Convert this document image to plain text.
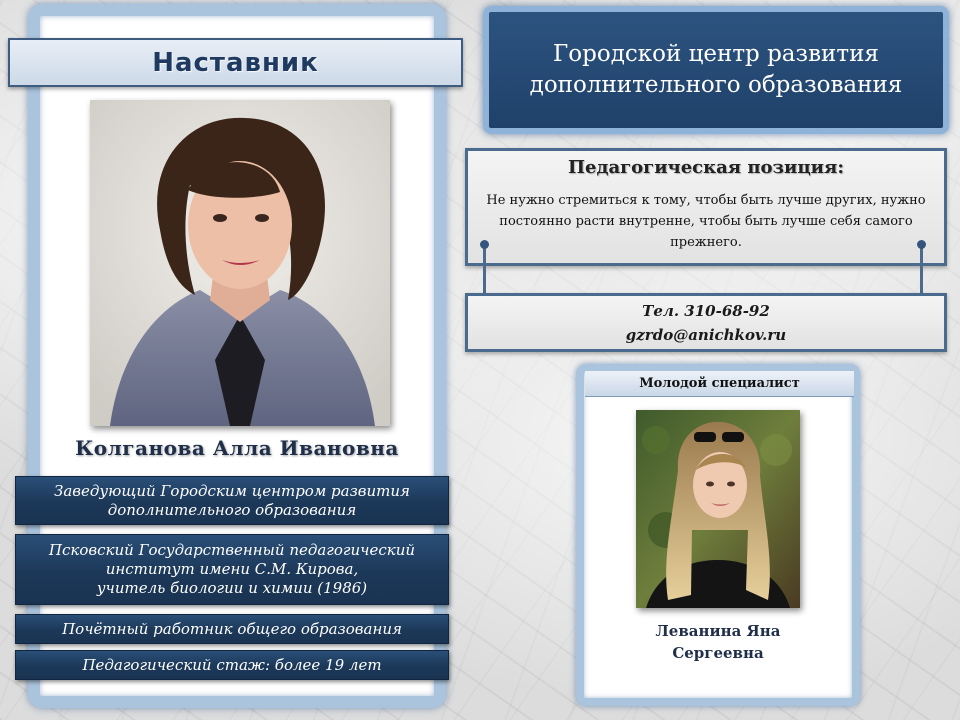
Наставник
Колганова Алла Ивановна
Заведующий Городским центром развития дополнительного образования
Псковский Государственный педагогический институт имени С.М. Кирова,
учитель биологии и химии (1986)
Почётный работник общего образования
Педагогический стаж: более 19 лет
Городской центр развития
дополнительного образования
Педагогическая позиция:
Не нужно стремиться к тому, чтобы быть лучше других, нужно постоянно расти внутренне, чтобы быть лучше себя самого прежнего.
Тел. 310-68-92
gzrdo@anichkov.ru
Молодой специалист
Леванина Яна
Сергеевна
